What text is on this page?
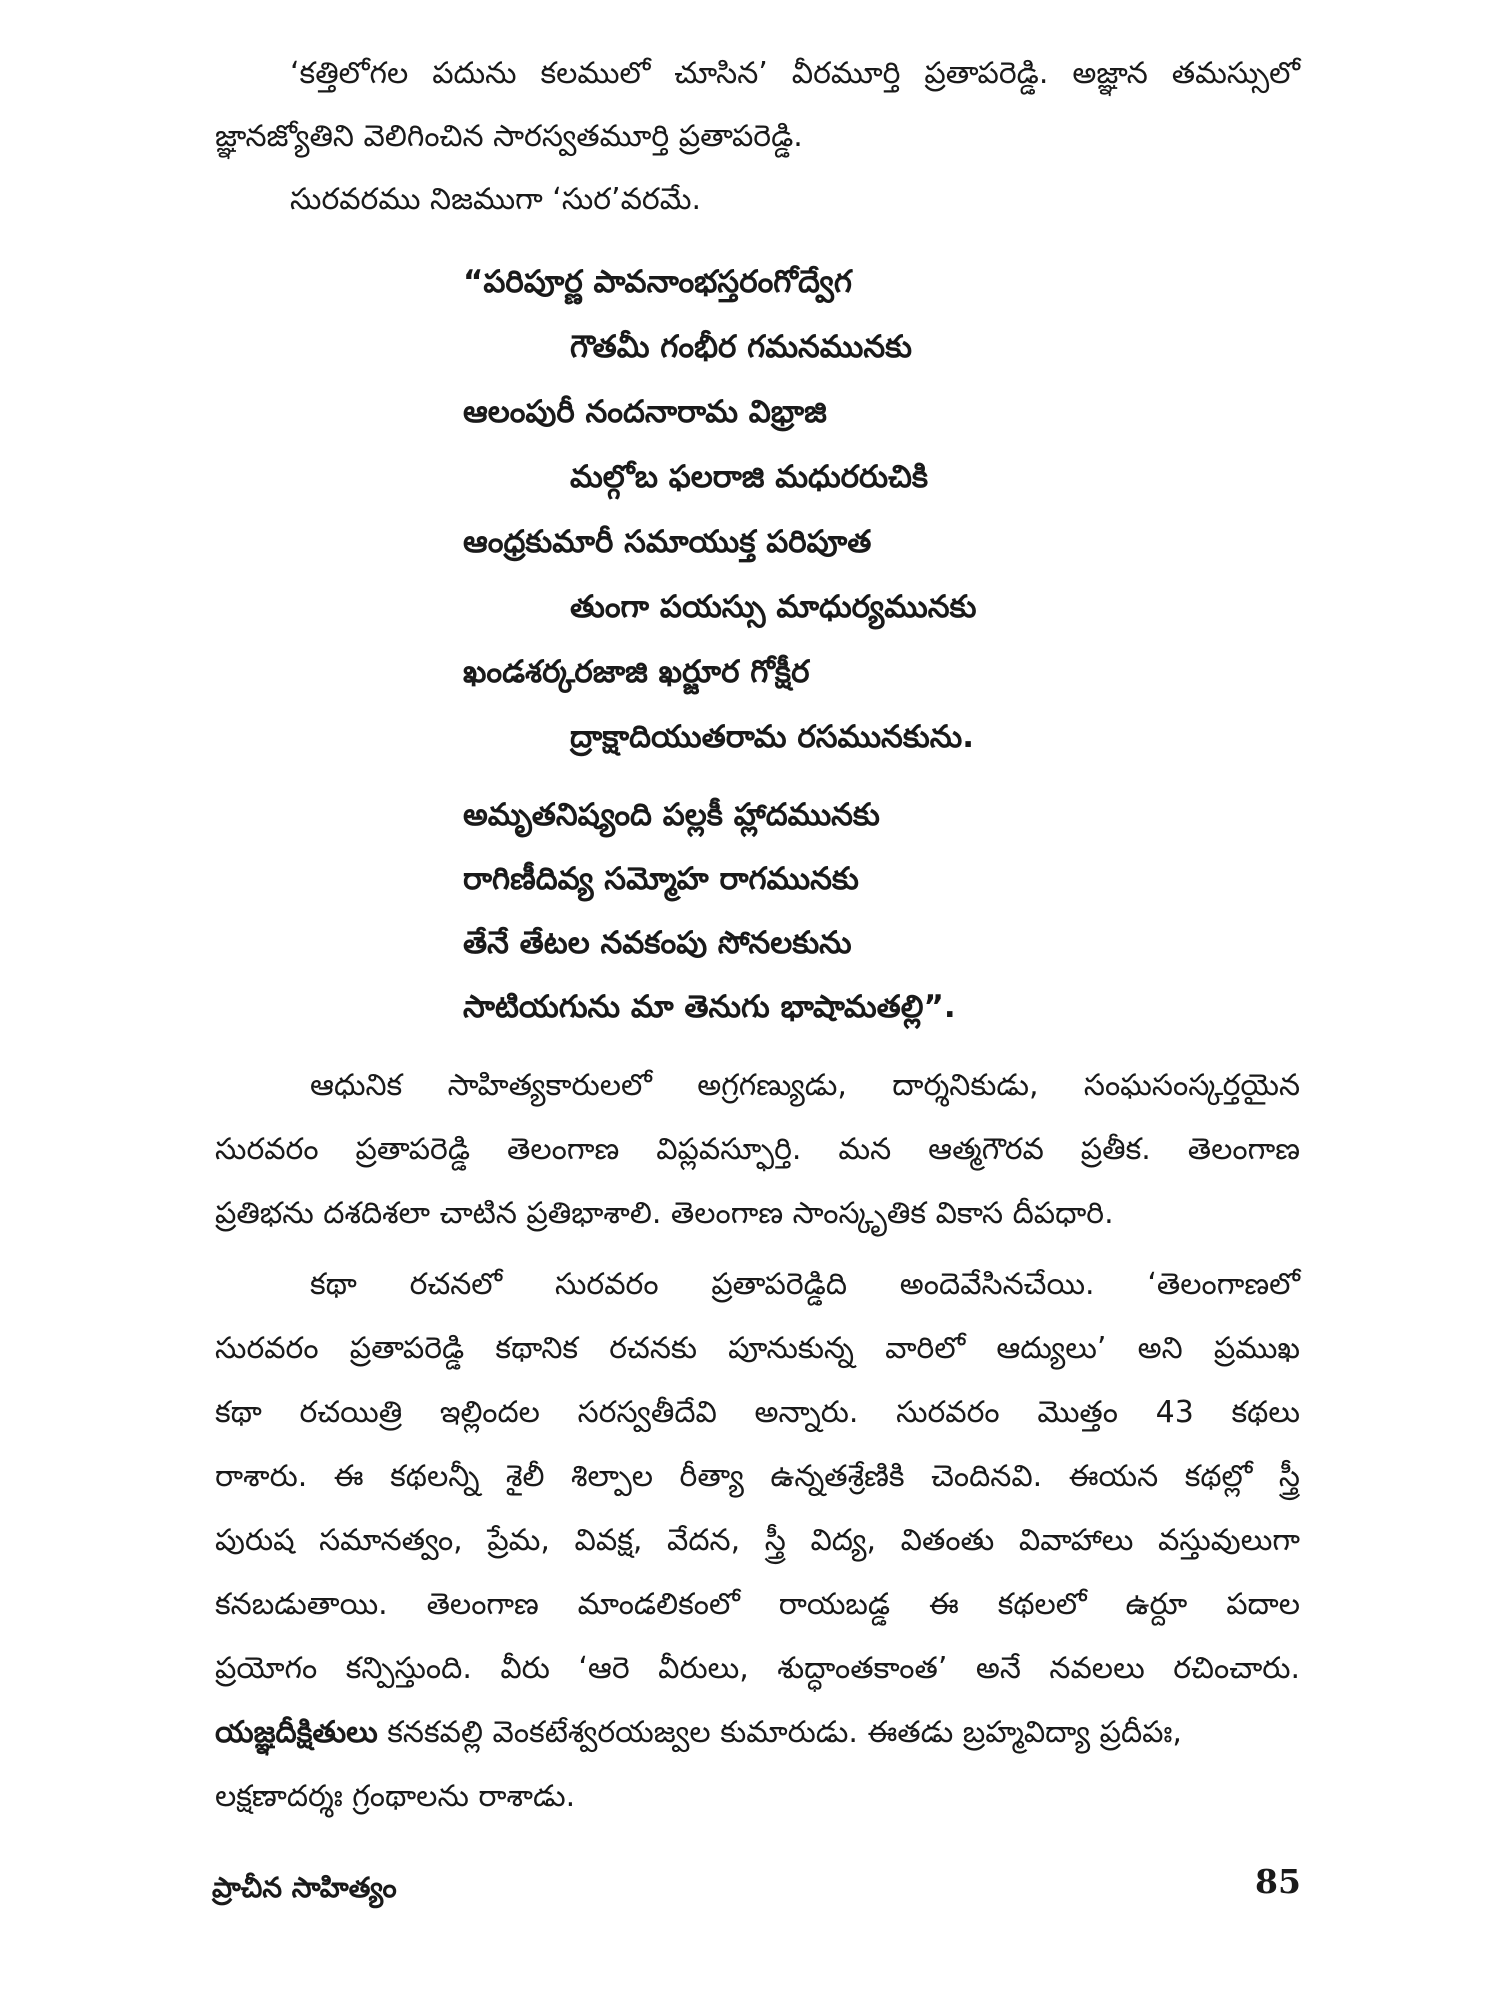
‘కత్తిలోగల పదును కలములో చూసిన’ వీరమూర్తి ప్రతాపరెడ్డి. అజ్ఞాన తమస్సులో

జ్ఞానజ్యోతిని వెలిగించిన సారస్వతమూర్తి ప్రతాపరెడ్డి.

సురవరము నిజముగా ‘సుర’వరమే.

“పరిపూర్ణ పావనాంభస్తరంగోద్వేగ

గౌతమీ గంభీర గమనమునకు

ఆలంపురీ నందనారామ విభ్రాజి

మల్గోబ ఫలరాజి మధురరుచికి

ఆంధ్రకుమారీ సమాయుక్త పరిపూత

తుంగా పయస్సు మాధుర్యమునకు

ఖండశర్కరజాజి ఖర్జూర గోక్షీర

ద్రాక్షాదియుతరామ రసమునకును.

అమృతనిష్యంది పల్లకీ హ్లాదమునకు

రాగిణీదివ్య సమ్మోహ రాగమునకు

తేనే తేటల నవకంపు సోనలకును

సాటియగును మా తెనుగు భాషామతల్లి”.

ఆధునిక సాహిత్యకారులలో అగ్రగణ్యుడు, దార్శనికుడు, సంఘసంస్కర్తయైన

సురవరం ప్రతాపరెడ్డి తెలంగాణ విప్లవస్ఫూర్తి. మన ఆత్మగౌరవ ప్రతీక. తెలంగాణ

ప్రతిభను దశదిశలా చాటిన ప్రతిభాశాలి. తెలంగాణ సాంస్కృతిక వికాస దీపధారి.

కథా రచనలో సురవరం ప్రతాపరెడ్డిది అందెవేసినచేయి. ‘తెలంగాణలో

సురవరం ప్రతాపరెడ్డి కథానిక రచనకు పూనుకున్న వారిలో ఆద్యులు’ అని ప్రముఖ

కథా రచయిత్రి ఇల్లిందల సరస్వతీదేవి అన్నారు. సురవరం మొత్తం 43 కథలు

రాశారు. ఈ కథలన్నీ శైలీ శిల్పాల రీత్యా ఉన్నతశ్రేణికి చెందినవి. ఈయన కథల్లో స్త్రీ

పురుష సమానత్వం, ప్రేమ, వివక్ష, వేదన, స్త్రీ విద్య, వితంతు వివాహాలు వస్తువులుగా

కనబడుతాయి. తెలంగాణ మాండలికంలో రాయబడ్డ ఈ కథలలో ఉర్దూ పదాల

ప్రయోగం కన్పిస్తుంది. వీరు ‘ఆరె వీరులు, శుద్ధాంతకాంత’ అనే నవలలు రచించారు.

యజ్ఞదీక్షితులు కనకవల్లి వెంకటేశ్వరయజ్వల కుమారుడు. ఈతడు బ్రహ్మవిద్యా ప్రదీపః,

లక్షణాదర్శః గ్రంథాలను రాశాడు.

ప్రాచీన సాహిత్యం	85
